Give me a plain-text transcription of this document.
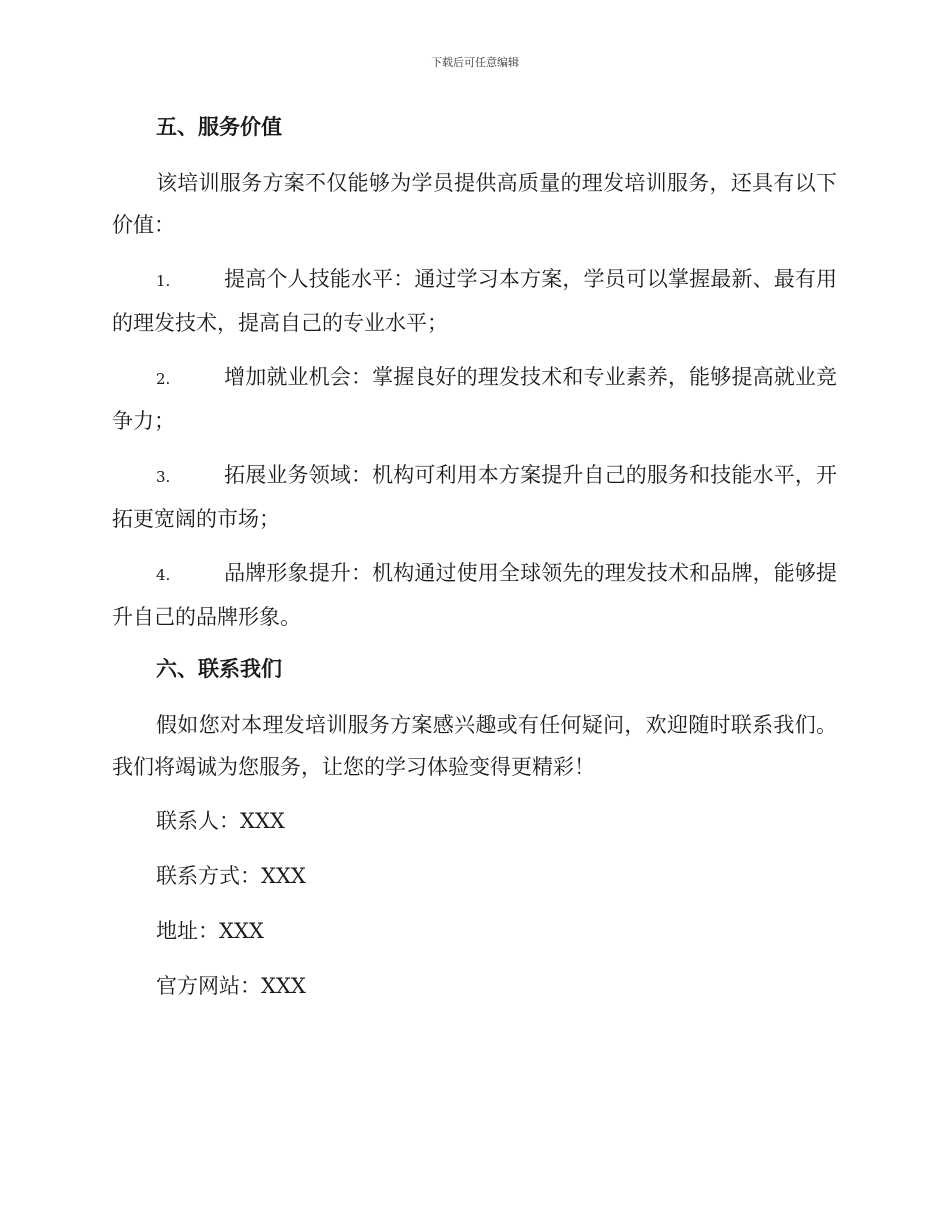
下载后可任意编辑
五、服务价值

该培训服务方案不仅能够为学员提供高质量的理发培训服务，还具有以下价值：

1.	提高个人技能水平：通过学习本方案，学员可以掌握最新、最有用的理发技术，提高自己的专业水平；
2.	增加就业机会：掌握良好的理发技术和专业素养，能够提高就业竞争力；
3.	拓展业务领域：机构可利用本方案提升自己的服务和技能水平，开拓更宽阔的市场；
4.	品牌形象提升：机构通过使用全球领先的理发技术和品牌，能够提升自己的品牌形象。
六、联系我们

假如您对本理发培训服务方案感兴趣或有任何疑问，欢迎随时联系我们。我们将竭诚为您服务，让您的学习体验变得更精彩！

联系人：XXX
联系方式：XXX
地址：XXX
官方网站：XXX
